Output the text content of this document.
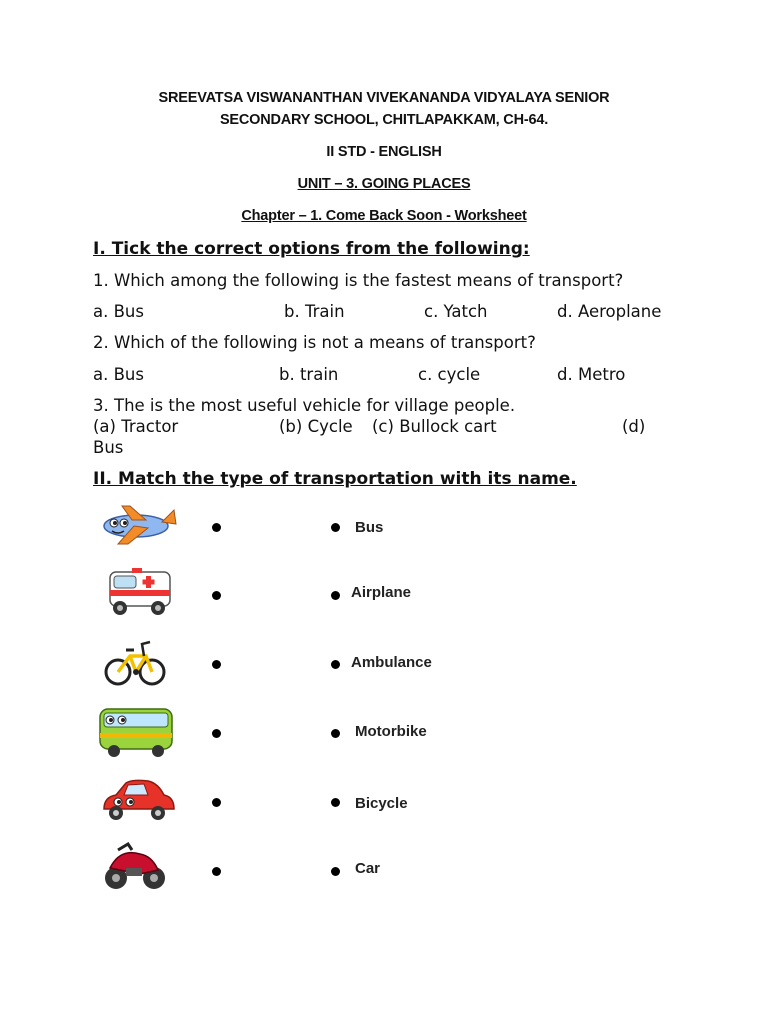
SREEVATSA VISWANANTHAN VIVEKANANDA VIDYALAYA SENIOR
SECONDARY SCHOOL, CHITLAPAKKAM, CH-64.
II STD - ENGLISH
UNIT – 3. GOING PLACES
Chapter – 1. Come Back Soon - Worksheet
I. Tick the correct options from the following:
1. Which among the following is the fastest means of transport?
a. Bus	b. Train	c. Yatch	d. Aeroplane
2. Which of the following is not a means of transport?
a. Bus	b. train	c. cycle	d. Metro
3. The is the most useful vehicle for village people.
(a) Tractor	(b) Cycle (c) Bullock cart	(d)
Bus
II. Match the type of transportation with its name.
Bus
Airplane
Ambulance
Motorbike
Bicycle
Car
